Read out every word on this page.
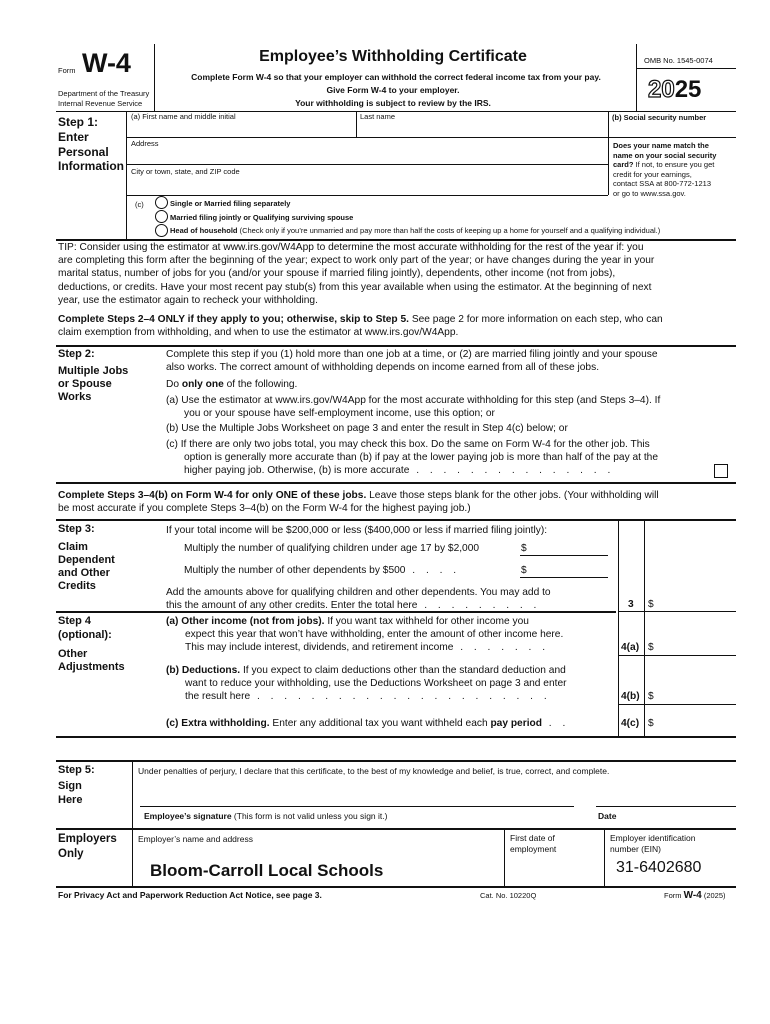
Form W-4
Department of the Treasury
Internal Revenue Service
Employee’s Withholding Certificate
Complete Form W-4 so that your employer can withhold the correct federal income tax from your pay.
Give Form W-4 to your employer.
Your withholding is subject to review by the IRS.
OMB No. 1545-0074
2025
Step 1:
Enter
Personal
Information
(a) First name and middle initial	Last name	(b) Social security number
Address
City or town, state, and ZIP code
Does your name match the
name on your social security
card? If not, to ensure you get
credit for your earnings,
contact SSA at 800-772-1213
or go to www.ssa.gov.
(c)	Single or Married filing separately
Married filing jointly or Qualifying surviving spouse
Head of household (Check only if you’re unmarried and pay more than half the costs of keeping up a home for yourself and a qualifying individual.)
TIP: Consider using the estimator at www.irs.gov/W4App to determine the most accurate withholding for the rest of the year if: you
are completing this form after the beginning of the year; expect to work only part of the year; or have changes during the year in your
marital status, number of jobs for you (and/or your spouse if married filing jointly), dependents, other income (not from jobs),
deductions, or credits. Have your most recent pay stub(s) from this year available when using the estimator. At the beginning of next
year, use the estimator again to recheck your withholding.
Complete Steps 2–4 ONLY if they apply to you; otherwise, skip to Step 5. See page 2 for more information on each step, who can
claim exemption from withholding, and when to use the estimator at www.irs.gov/W4App.
Step 2:
Multiple Jobs
or Spouse
Works
Complete this step if you (1) hold more than one job at a time, or (2) are married filing jointly and your spouse
also works. The correct amount of withholding depends on income earned from all of these jobs.
Do only one of the following.
(a) Use the estimator at www.irs.gov/W4App for the most accurate withholding for this step (and Steps 3–4). If
you or your spouse have self-employment income, use this option; or
(b) Use the Multiple Jobs Worksheet on page 3 and enter the result in Step 4(c) below; or
(c) If there are only two jobs total, you may check this box. Do the same on Form W-4 for the other job. This
option is generally more accurate than (b) if pay at the lower paying job is more than half of the pay at the
higher paying job. Otherwise, (b) is more accurate . . . . . . . . . . . . . . .
Complete Steps 3–4(b) on Form W-4 for only ONE of these jobs. Leave those steps blank for the other jobs. (Your withholding will
be most accurate if you complete Steps 3–4(b) on the Form W-4 for the highest paying job.)
Step 3:
Claim
Dependent
and Other
Credits
If your total income will be $200,000 or less ($400,000 or less if married filing jointly):
Multiply the number of qualifying children under age 17 by $2,000	$
Multiply the number of other dependents by $500 . . . .	$
Add the amounts above for qualifying children and other dependents. You may add to
this the amount of any other credits. Enter the total here . . . . . . . . .	3 $
Step 4
(optional):
Other
Adjustments
(a) Other income (not from jobs). If you want tax withheld for other income you
expect this year that won’t have withholding, enter the amount of other income here.
This may include interest, dividends, and retirement income . . . . . . .	4(a) $
(b) Deductions. If you expect to claim deductions other than the standard deduction and
want to reduce your withholding, use the Deductions Worksheet on page 3 and enter
the result here . . . . . . . . . . . . . . . . . . . . . .	4(b) $
(c) Extra withholding. Enter any additional tax you want withheld each pay period . .	4(c) $
Step 5:
Sign
Here
Under penalties of perjury, I declare that this certificate, to the best of my knowledge and belief, is true, correct, and complete.
Employee’s signature (This form is not valid unless you sign it.)	Date
Employers
Only
Employer’s name and address
Bloom-Carroll Local Schools
First date of
employment
Employer identification
number (EIN)
31-6402680
For Privacy Act and Paperwork Reduction Act Notice, see page 3.	Cat. No. 10220Q	Form W-4 (2025)
